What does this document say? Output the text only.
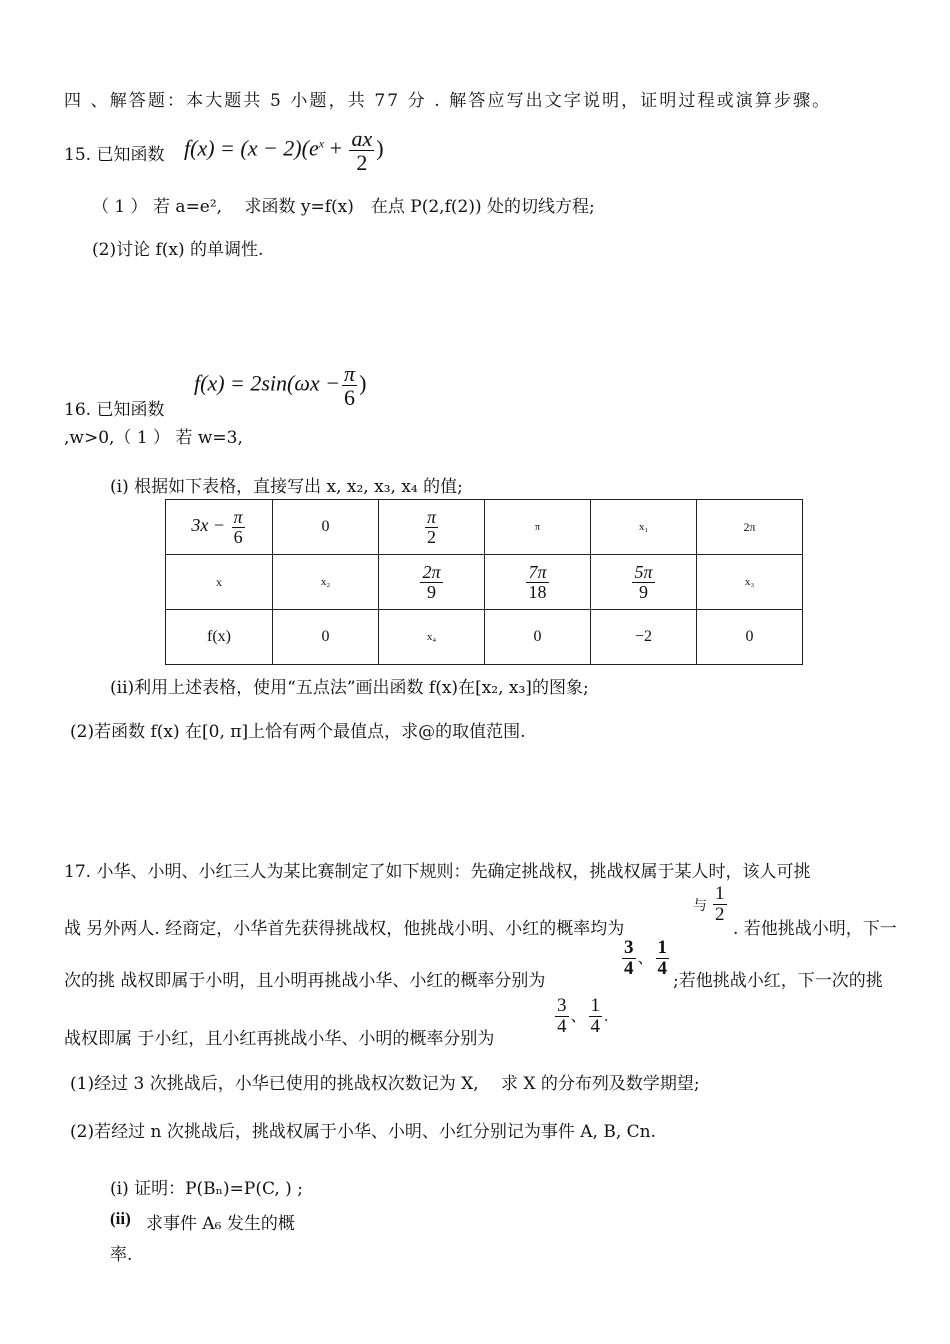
四 、解答题：本大题共 5 小题，共 77 分 . 解答应写出文字说明，证明过程或演算步骤。
15. 已知函数 $f(x) = (x - 2)(e^x + \frac{ax}{2}$ )
（ 1 ） 若 a=e², 　求函数 y=f(x)　在点 P(2,f(2)) 处的切线方程;
(2)讨论 f(x) 的单调性.
$f(x) = 2\sin(\omega x - \frac{\pi}{6}$ )
16. 已知函数
,w>0,（ 1 ） 若 w=3,
(i) 根据如下表格，直接写出 x, x₂, x₃, x₄ 的值;
$3x - \frac{\pi}{6}$	0	$\frac{\pi}{2}$	π	x₁	2π
x	x₂	$\frac{2\pi}{9}$	$\frac{7\pi}{18}$	$\frac{5\pi}{9}$	x₃
f(x)	0	x₄	0	−2	0
(ii)利用上述表格，使用“五点法”画出函数 f(x)在[x₂, x₃]的图象;
(2)若函数 f(x) 在[0, π]上恰有两个最值点，求@的取值范围.
17. 小华、小明、小红三人为某比赛制定了如下规则：先确定挑战权，挑战权属于某人时，该人可挑
战 另外两人. 经商定，小华首先获得挑战权，他挑战小明、小红的概率均为
与 $\frac{1}{2}$
. 若他挑战小明，下一
次的挑 战权即属于小明，且小明再挑战小华、小红的概率分别为
$\frac{3}{4}$ 、 $\frac{1}{4}$
;若他挑战小红，下一次的挑
战权即属 于小红，且小红再挑战小华、小明的概率分别为
$\frac{3}{4}$ 、 $\frac{1}{4}$ .
(1)经过 3 次挑战后，小华已使用的挑战权次数记为 X,　 求 X 的分布列及数学期望;
(2)若经过 n 次挑战后，挑战权属于小华、小明、小红分别记为事件 A, B, Cn.
(i) 证明：P(Bₙ)=P(C, ) ;
(ii) 求事件 A₆ 发生的概
率.
